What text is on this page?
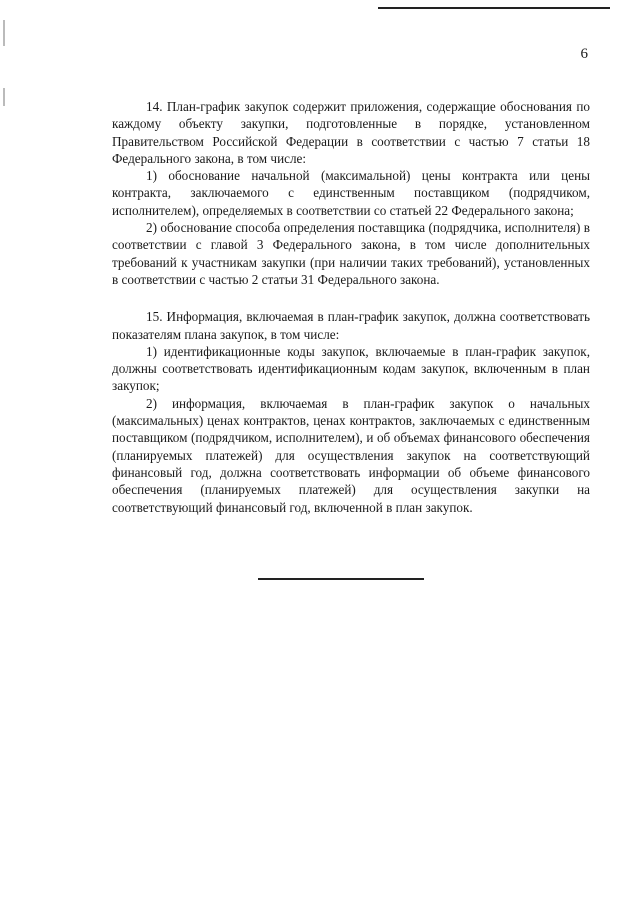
6

14. План-график закупок содержит приложения, содержащие обоснования по каждому объекту закупки, подготовленные в порядке, установленном Правительством Российской Федерации в соответствии с частью 7 статьи 18 Федерального закона, в том числе:

1) обоснование начальной (максимальной) цены контракта или цены контракта, заключаемого с единственным поставщиком (подрядчиком, исполнителем), определяемых в соответствии со статьей 22 Федерального закона;

2) обоснование способа определения поставщика (подрядчика, исполнителя) в соответствии с главой 3 Федерального закона, в том числе дополнительных требований к участникам закупки (при наличии таких требований), установленных в соответствии с частью 2 статьи 31 Федерального закона.

15. Информация, включаемая в план-график закупок, должна соответствовать показателям плана закупок, в том числе:

1) идентификационные коды закупок, включаемые в план-график закупок, должны соответствовать идентификационным кодам закупок, включенным в план закупок;

2) информация, включаемая в план-график закупок о начальных (максимальных) ценах контрактов, ценах контрактов, заключаемых с единственным поставщиком (подрядчиком, исполнителем), и об объемах финансового обеспечения (планируемых платежей) для осуществления закупок на соответствующий финансовый год, должна соответствовать информации об объеме финансового обеспечения (планируемых платежей) для осуществления закупки на соответствующий финансовый год, включенной в план закупок.
